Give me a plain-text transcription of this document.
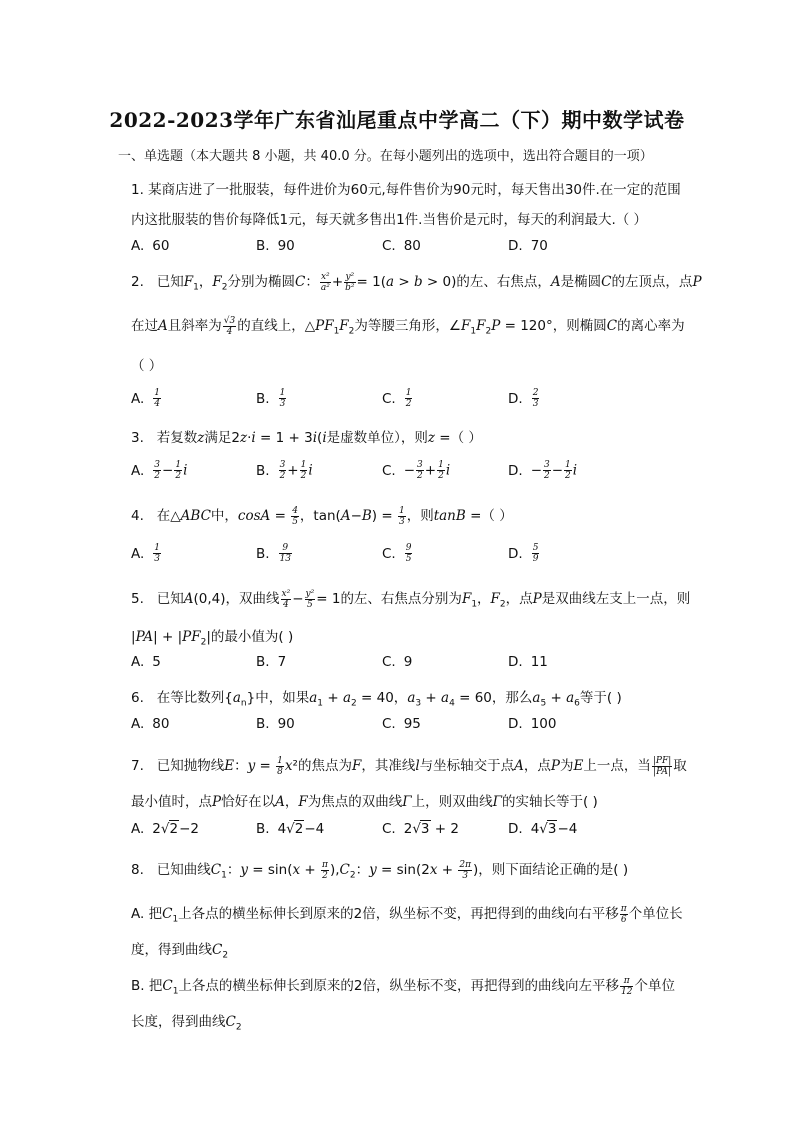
2022-2023学年广东省汕尾重点中学高二（下）期中数学试卷
一、单选题（本大题共 8 小题，共 40.0 分。在每小题列出的选项中，选出符合题目的一项）
1. 某商店进了一批服装，每件进价为60元,每件售价为90元时，每天售出30件.在一定的范围
内这批服装的售价每降低1元，每天就多售出1件.当售价是元时，每天的利润最大.（ ）
A. 60	B. 90	C. 80	D. 70
2. 已知$F_1$，$F_2$分别为椭圆C： $\frac{\text{x²}}{\text{a²}} + \frac{\text{y²}}{\text{b²}} = 1(a > b > 0)$的左、右焦点，A是椭圆C的左顶点，点P
在过A且斜率为 $\frac{√3}{4}$ 的直线上，$\triangle PF_1F_2$为等腰三角形，$\angle F_1F_2P = 120^\circ$，则椭圆C的离心率为
（ ）
A. $\frac{1}{4}$	B. $\frac{1}{3}$	C. $\frac{1}{2}$	D. $\frac{2}{3}$
3. 若复数z满足2z·i = 1 + 3i(i是虚数单位），则z =（ ）
A. $\frac{3}{2} - \frac{1}{2}$ i	B. $\frac{3}{2} + \frac{1}{2}$ i	C. − $\frac{3}{2} + \frac{1}{2}$ i	D. − $\frac{3}{2} - \frac{1}{2}$ i
4. 在△ABC中，$\cos A = \frac{4}{5}$ ，$\tan(A-B) = \frac{1}{3}$ ，则tanB =（ ）
A. $\frac{1}{3}$	B. $\frac{9}{13}$	C. $\frac{9}{5}$	D. $\frac{5}{9}$
5. 已知A(0,4)，双曲线 $\frac{\text{x²}}{4} - \frac{\text{y²}}{5} = 1$的左、右焦点分别为$F_1$，$F_2$，点P是双曲线左支上一点，则
$|PA| + |PF_2|$的最小值为( )
A. 5	B. 7	C. 9	D. 11
6. 在等比数列$\{a_n\}$中，如果$a_1 + a_2 = 40$，$a_3 + a_4 = 60$，那么$a_5 + a_6$等于( )
A. 80	B. 90	C. 95	D. 100
7. 已知抛物线E：$y = \frac{1}{8} x^2$的焦点为F，其准线l与坐标轴交于点A，点P为E上一点，当 $\frac{|PF|}{|PA|}$ 取
最小值时，点P恰好在以A，F为焦点的双曲线Γ上，则双曲线Γ的实轴长等于( )
A. 2√2−2	B. 4√2−4	C. 2√3 + 2	D. 4√3−4
8. 已知曲线$C_1$：$y = \sin(x + \frac{\pi}{2} ),C_2$：$y = \sin(2x + \frac{2\pi}{3}$ )，则下面结论正确的是( )
A. 把$C_1$上各点的横坐标伸长到原来的2倍，纵坐标不变，再把得到的曲线向右平移 $\frac{\pi}{6}$ 个单位长
度，得到曲线$C_2$
B. 把$C_1$上各点的横坐标伸长到原来的2倍，纵坐标不变，再把得到的曲线向左平移 $\frac{\pi}{12}$ 个单位
长度，得到曲线$C_2$
